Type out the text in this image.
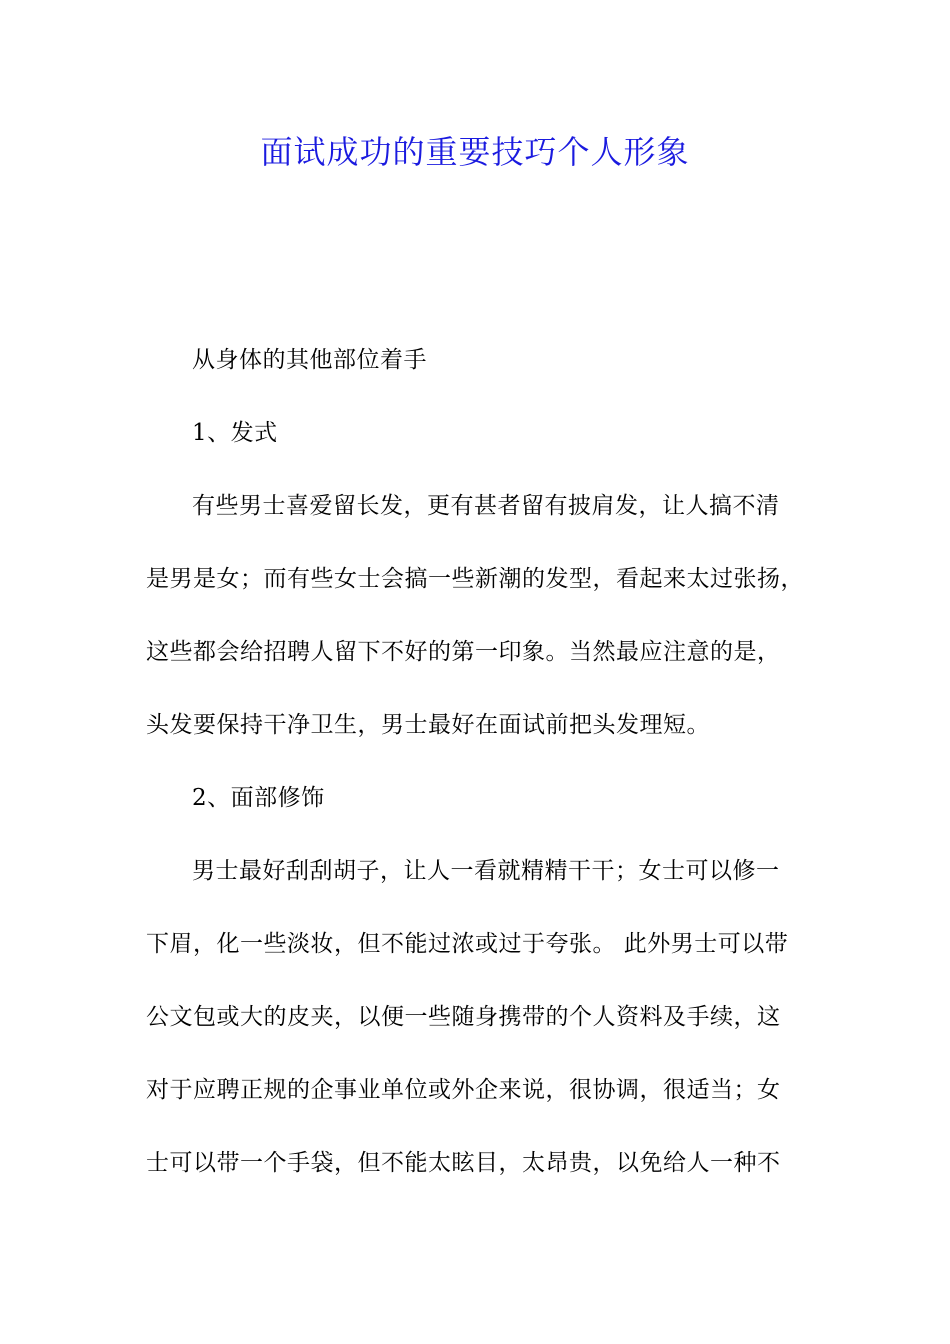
面试成功的重要技巧个人形象
从身体的其他部位着手
1、发式
有些男士喜爱留长发，更有甚者留有披肩发，让人搞不清
是男是女；而有些女士会搞一些新潮的发型，看起来太过张扬，
这些都会给招聘人留下不好的第一印象。当然最应注意的是，
头发要保持干净卫生，男士最好在面试前把头发理短。
2、面部修饰
男士最好刮刮胡子，让人一看就精精干干；女士可以修一
下眉，化一些淡妆，但不能过浓或过于夸张。 此外男士可以带
公文包或大的皮夹，以便一些随身携带的个人资料及手续，这
对于应聘正规的企事业单位或外企来说，很协调，很适当；女
士可以带一个手袋，但不能太眩目，太昂贵，以免给人一种不
